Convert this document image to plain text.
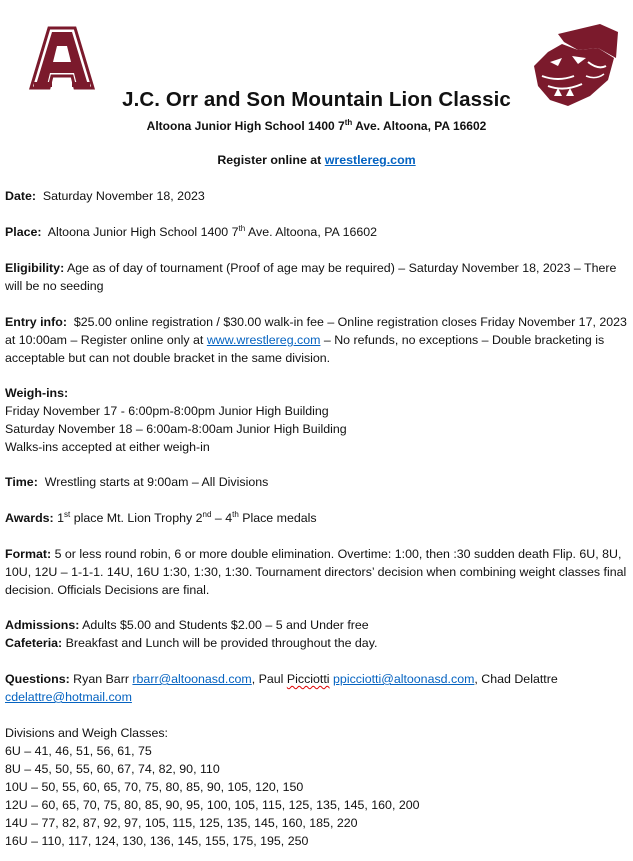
J.C. Orr and Son Mountain Lion Classic
Altoona Junior High School 1400 7th Ave. Altoona, PA 16602
Register online at wrestlereg.com

Date: Saturday November 18, 2023

Place: Altoona Junior High School 1400 7th Ave. Altoona, PA 16602

Eligibility: Age as of day of tournament (Proof of age may be required) – Saturday November 18, 2023 – There will be no seeding

Entry info: $25.00 online registration / $30.00 walk-in fee – Online registration closes Friday November 17, 2023 at 10:00am – Register online only at www.wrestlereg.com – No refunds, no exceptions – Double bracketing is acceptable but can not double bracket in the same division.

Weigh-ins:

Friday November 17 - 6:00pm-8:00pm Junior High Building

Saturday November 18 – 6:00am-8:00am Junior High Building

Walks-ins accepted at either weigh-in

Time: Wrestling starts at 9:00am – All Divisions

Awards: 1st place Mt. Lion Trophy 2nd – 4th Place medals

Format: 5 or less round robin, 6 or more double elimination. Overtime: 1:00, then :30 sudden death Flip. 6U, 8U, 10U, 12U – 1-1-1. 14U, 16U 1:30, 1:30, 1:30. Tournament directors’ decision when combining weight classes final decision. Officials Decisions are final.

Admissions: Adults $5.00 and Students $2.00 – 5 and Under free

Cafeteria: Breakfast and Lunch will be provided throughout the day.

Questions: Ryan Barr rbarr@altoonasd.com, Paul Picciotti ppicciotti@altoonasd.com, Chad Delattre cdelattre@hotmail.com

Divisions and Weigh Classes:

6U – 41, 46, 51, 56, 61, 75

8U – 45, 50, 55, 60, 67, 74, 82, 90, 110

10U – 50, 55, 60, 65, 70, 75, 80, 85, 90, 105, 120, 150

12U – 60, 65, 70, 75, 80, 85, 90, 95, 100, 105, 115, 125, 135, 145, 160, 200

14U – 77, 82, 87, 92, 97, 105, 115, 125, 135, 145, 160, 185, 220

16U – 110, 117, 124, 130, 136, 145, 155, 175, 195, 250
